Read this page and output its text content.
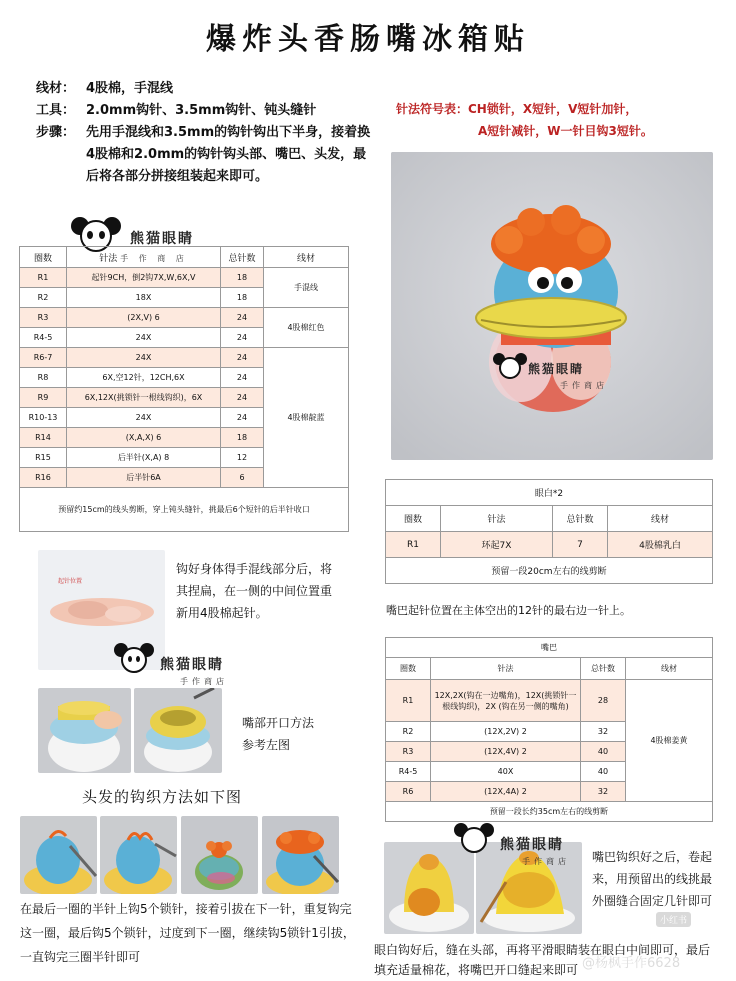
爆炸头香肠嘴冰箱贴
线材： 4股棉，手混线
工具： 2.0mm钩针、3.5mm钩针、钝头缝针
步骤： 先用手混线和3.5mm的钩针钩出下半身，接着换4股棉和2.0mm的钩针钩头部、嘴巴、头发，最后将各部分拼接组装起来即可。
针法符号表：CH锁针，X短针，V短针加针，
A短针减针，W一针目钩3短针。
熊猫眼睛
圈数	针法 手 作 商 店	总针数	线材
R1	起针9CH，倒2钩7X,W,6X,V	18	手混线
R2	18X	18	
R3	(2X,V) 6	24	4股棉红色
R4-5	24X	24	
R6-7	24X	24	4股棉靛蓝
R8	6X,空12针，12CH,6X	24	
R9	6X,12X(挑锁针一根线钩织)，6X	24	
R10-13	24X	24	
R14	(X,A,X) 6	18	
R15	后半针(X,A) 8	12	
R16	后半针6A	6	
预留约15cm的线头剪断，穿上钝头缝针，挑最后6个短针的后半针收口			
熊猫眼睛
手作商店
眼白*2			
圈数	针法	总针数	线材
R1	环起7X	7	4股棉乳白
预留一段20cm左右的线剪断			
嘴巴起针位置在主体空出的12针的最右边一针上。
嘴巴			
圈数	针法	总针数	线材
R1	12X,2X(钩在一边嘴角)，12X(挑锁针一根线钩织)，2X (钩在另一侧的嘴角)	28	4股棉姜黄
R2	(12X,2V) 2	32	
R3	(12X,4V) 2	40	
R4-5	40X	40	
R6	(12X,4A) 2	32	
预留一段长约35cm左右的线剪断			
起针位置
钩好身体得手混线部分后，将其捏扁，在一侧的中间位置重新用4股棉起针。
熊猫眼睛
手作商店
嘴部开口方法参考左图
头发的钩织方法如下图
在最后一圈的半针上钩5个锁针，接着引拔在下一针，重复钩完这一圈，最后钩5个锁针，过度到下一圈，继续钩5锁针1引拔，一直钩完三圈半针即可
熊猫眼睛
手作商店 嘴巴钩织好之后，卷起来，用预留出的线挑最外圈缝合固定几针即可
小红书
眼白钩好后，缝在头部，再将平滑眼睛装在眼白中间即可，最后填充适量棉花，将嘴巴开口缝起来即可 @杨枫手作6628
